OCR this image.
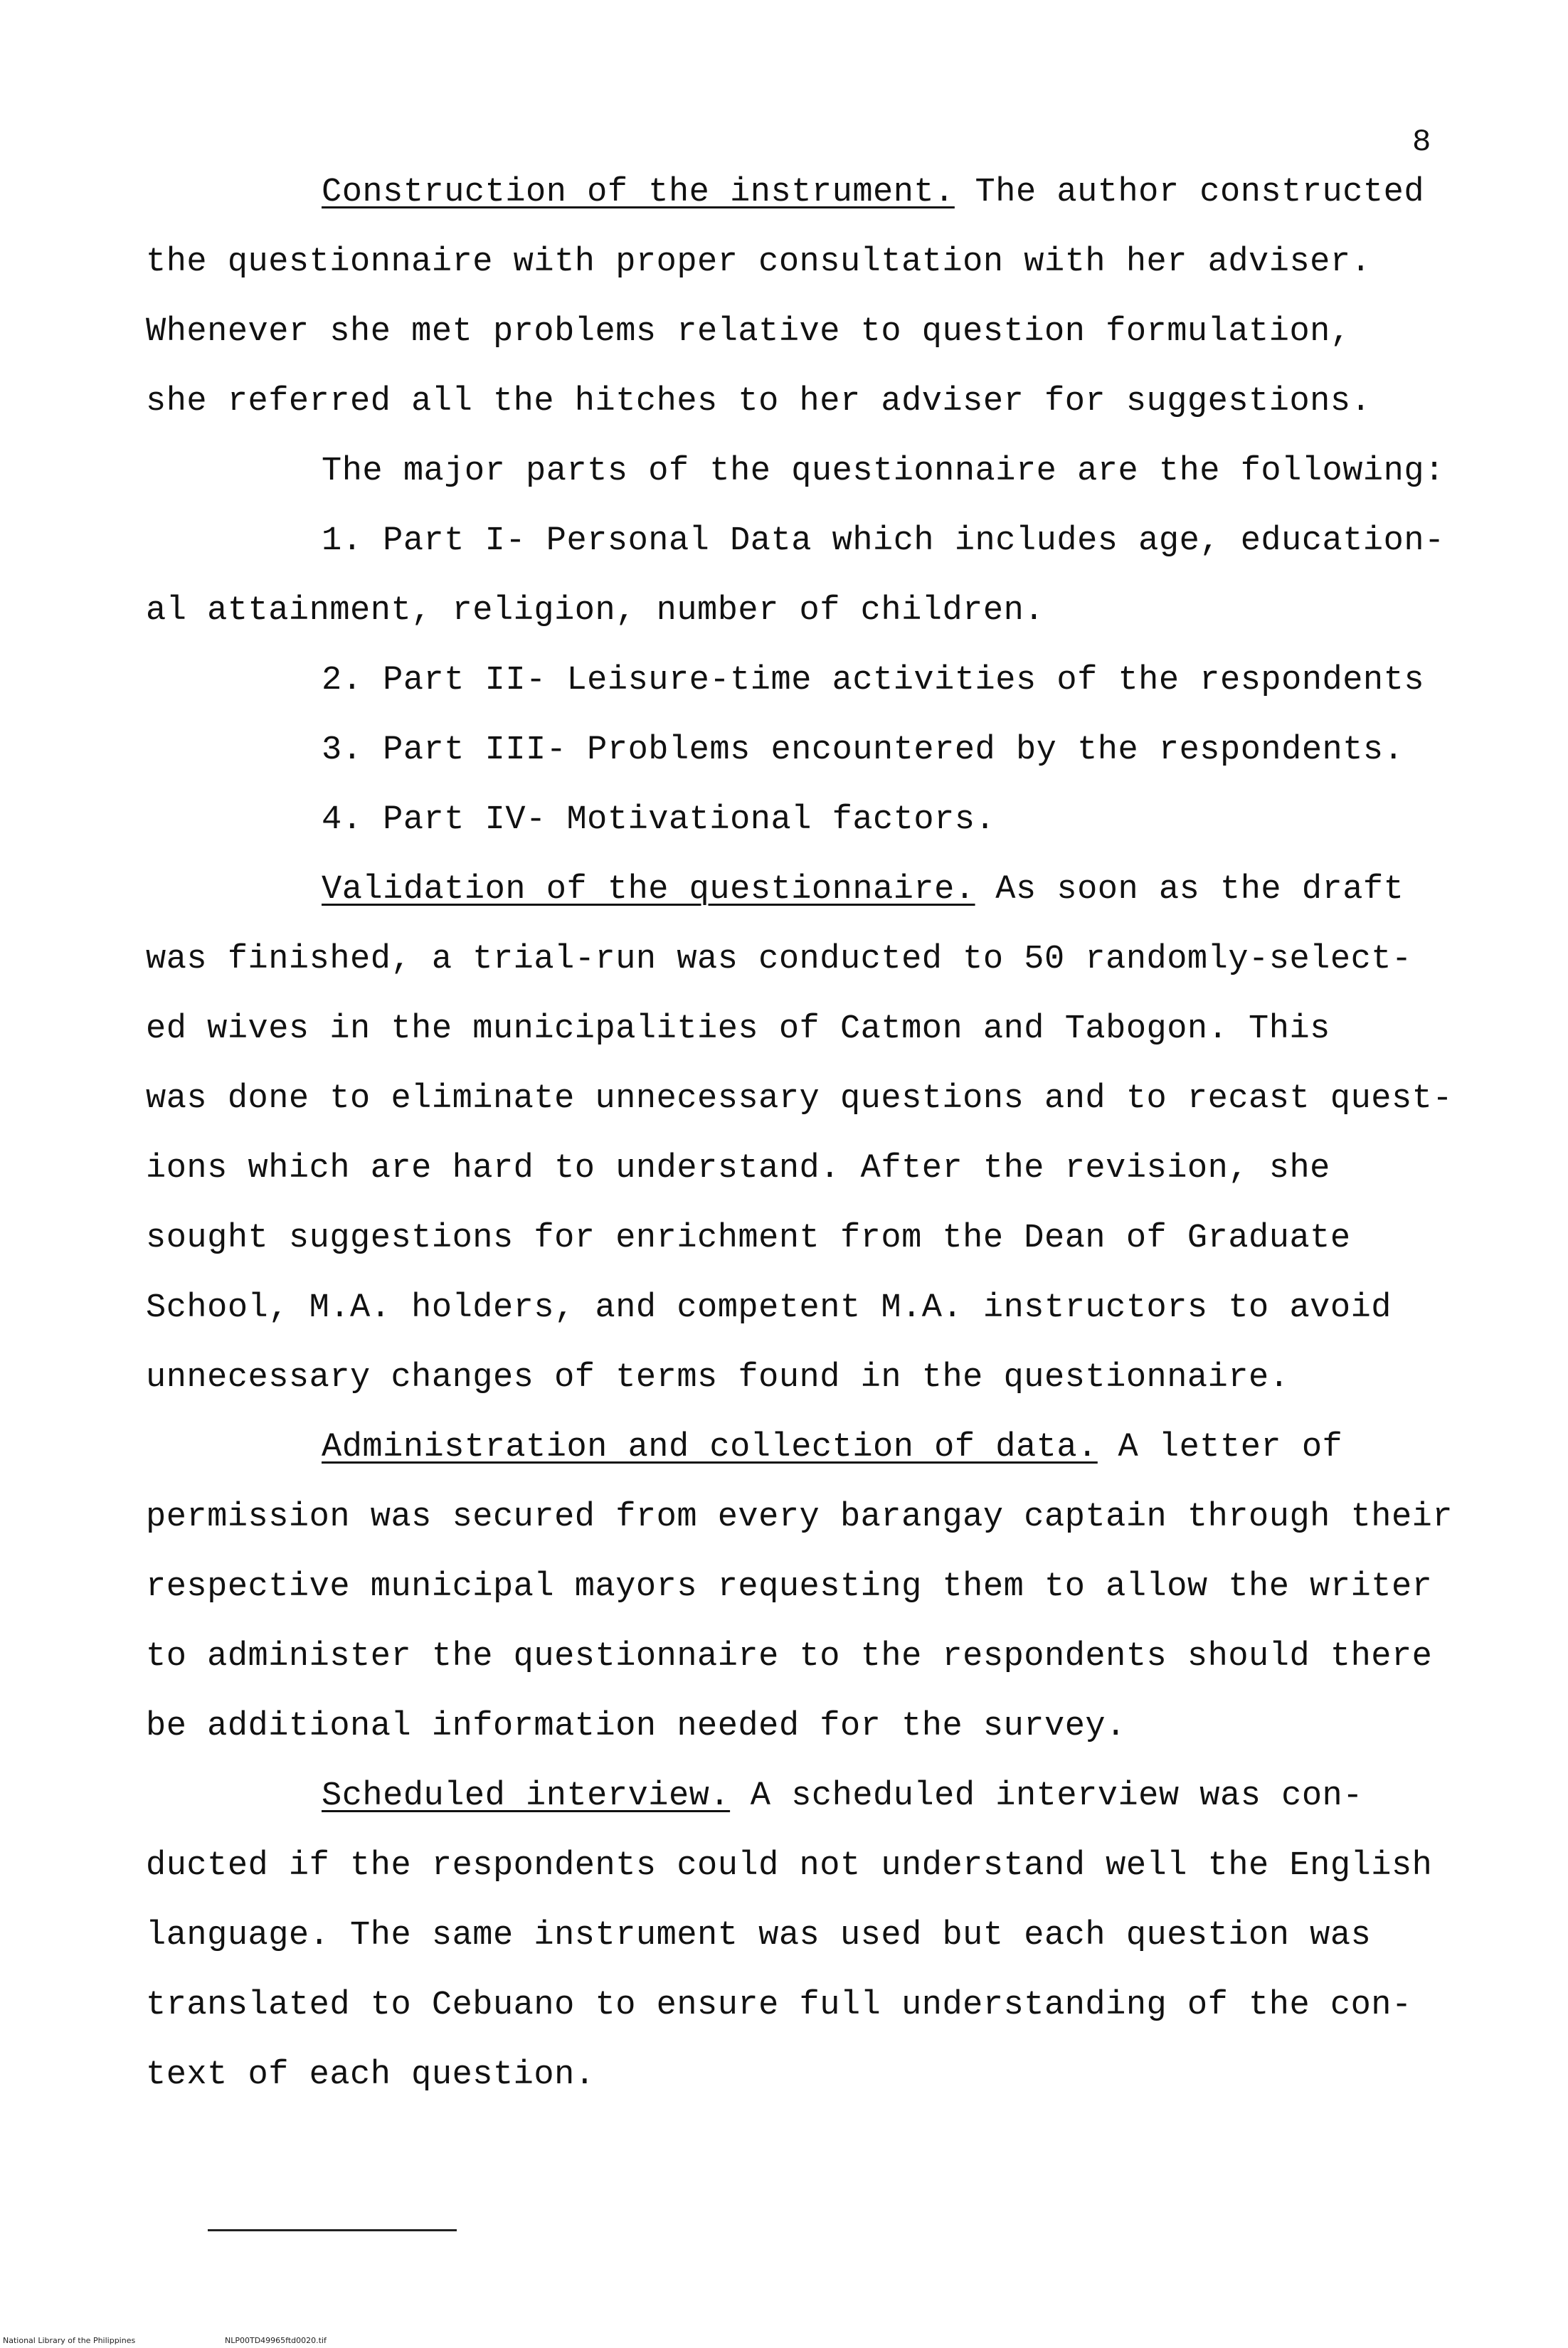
8
Construction of the instrument. The author constructed
the questionnaire with proper consultation with her adviser.
Whenever she met problems relative to question formulation,
she referred all the hitches to her adviser for suggestions.
The major parts of the questionnaire are the following:
1. Part I- Personal Data which includes age, education-
al attainment, religion, number of children.
2. Part II- Leisure-time activities of the respondents
3. Part III- Problems encountered by the respondents.
4. Part IV- Motivational factors.
Validation of the questionnaire. As soon as the draft
was finished, a trial-run was conducted to 50 randomly-select-
ed wives in the municipalities of Catmon and Tabogon. This
was done to eliminate unnecessary questions and to recast quest-
ions which are hard to understand. After the revision, she
sought suggestions for enrichment from the Dean of Graduate
School, M.A. holders, and competent M.A. instructors to avoid
unnecessary changes of terms found in the questionnaire.
Administration and collection of data. A letter of
permission was secured from every barangay captain through their
respective municipal mayors requesting them to allow the writer
to administer the questionnaire to the respondents should there
be additional information needed for the survey.
Scheduled interview. A scheduled interview was con-
ducted if the respondents could not understand well the English
language. The same instrument was used but each question was
translated to Cebuano to ensure full understanding of the con-
text of each question.
National Library of the Philippines	NLP00TD49965ftd0020.tif
